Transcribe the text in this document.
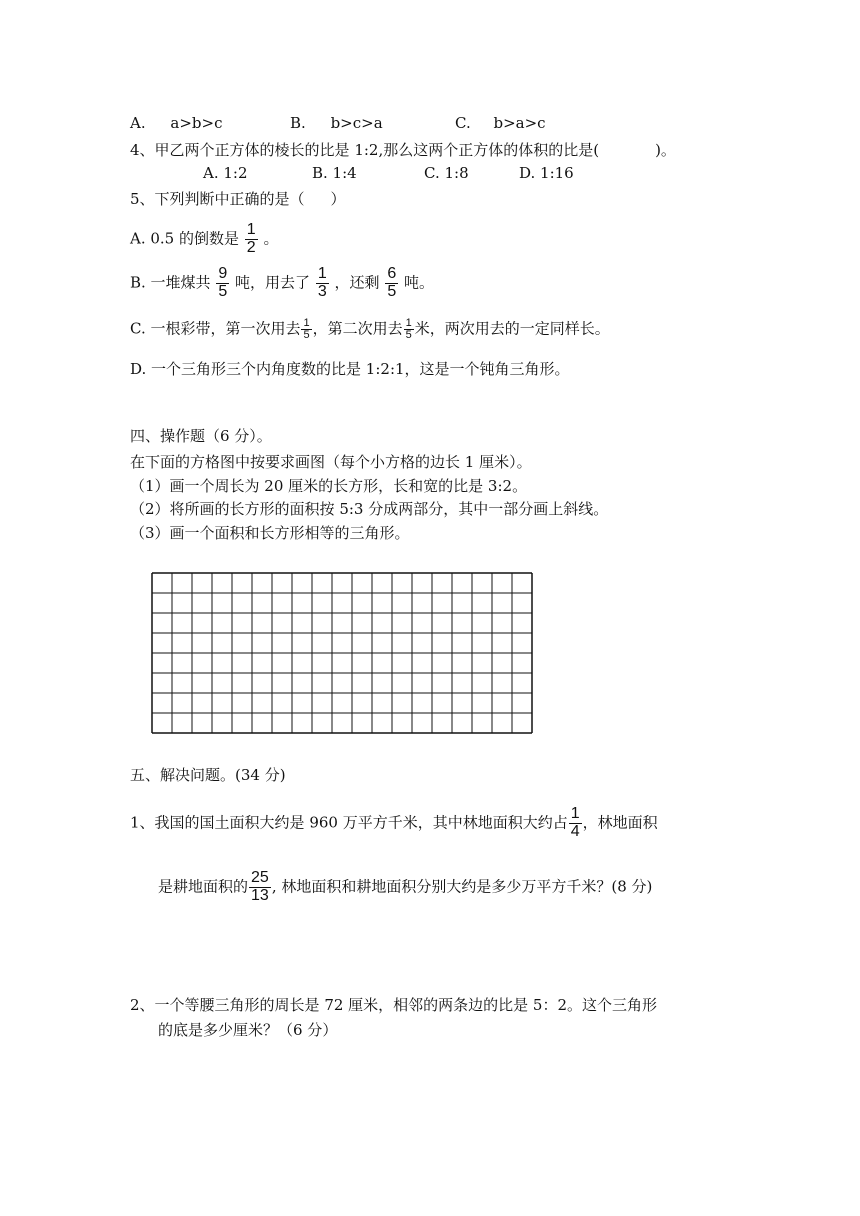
A. a>b>c	B. b>c>a	C. b>a>c
4、甲乙两个正方体的棱长的比是 1:2,那么这两个正方体的体积的比是(	)。
A. 1:2	B. 1:4	C. 1:8	D. 1:16
5、下列判断中正确的是（ ）
A. 0.5 的倒数是 $\frac{1}{2}$ 。
B. 一堆煤共 $\frac{9}{5}$ 吨，用去了 $\frac{1}{3}$ ，还剩 $\frac{6}{5}$ 吨。
C. 一根彩带，第一次用去 $\frac{1}{5}$ ，第二次用去 $\frac{1}{5}$ 米，两次用去的一定同样长。
D. 一个三角形三个内角度数的比是 1:2:1，这是一个钝角三角形。
四、操作题（6 分）。
在下面的方格图中按要求画图（每个小方格的边长 1 厘米）。
（1）画一个周长为 20 厘米的长方形，长和宽的比是 3:2。
（2）将所画的长方形的面积按 5:3 分成两部分，其中一部分画上斜线。
（3）画一个面积和长方形相等的三角形。
五、解决问题。(34 分)
1、我国的国土面积大约是 960 万平方千米，其中林地面积大约占 $\frac{1}{4}$ ，林地面积
是耕地面积的 $\frac{25}{13}$ , 林地面积和耕地面积分别大约是多少万平方千米？(8 分)
2、一个等腰三角形的周长是 72 厘米，相邻的两条边的比是 5：2。这个三角形
的底是多少厘米？（6 分）
